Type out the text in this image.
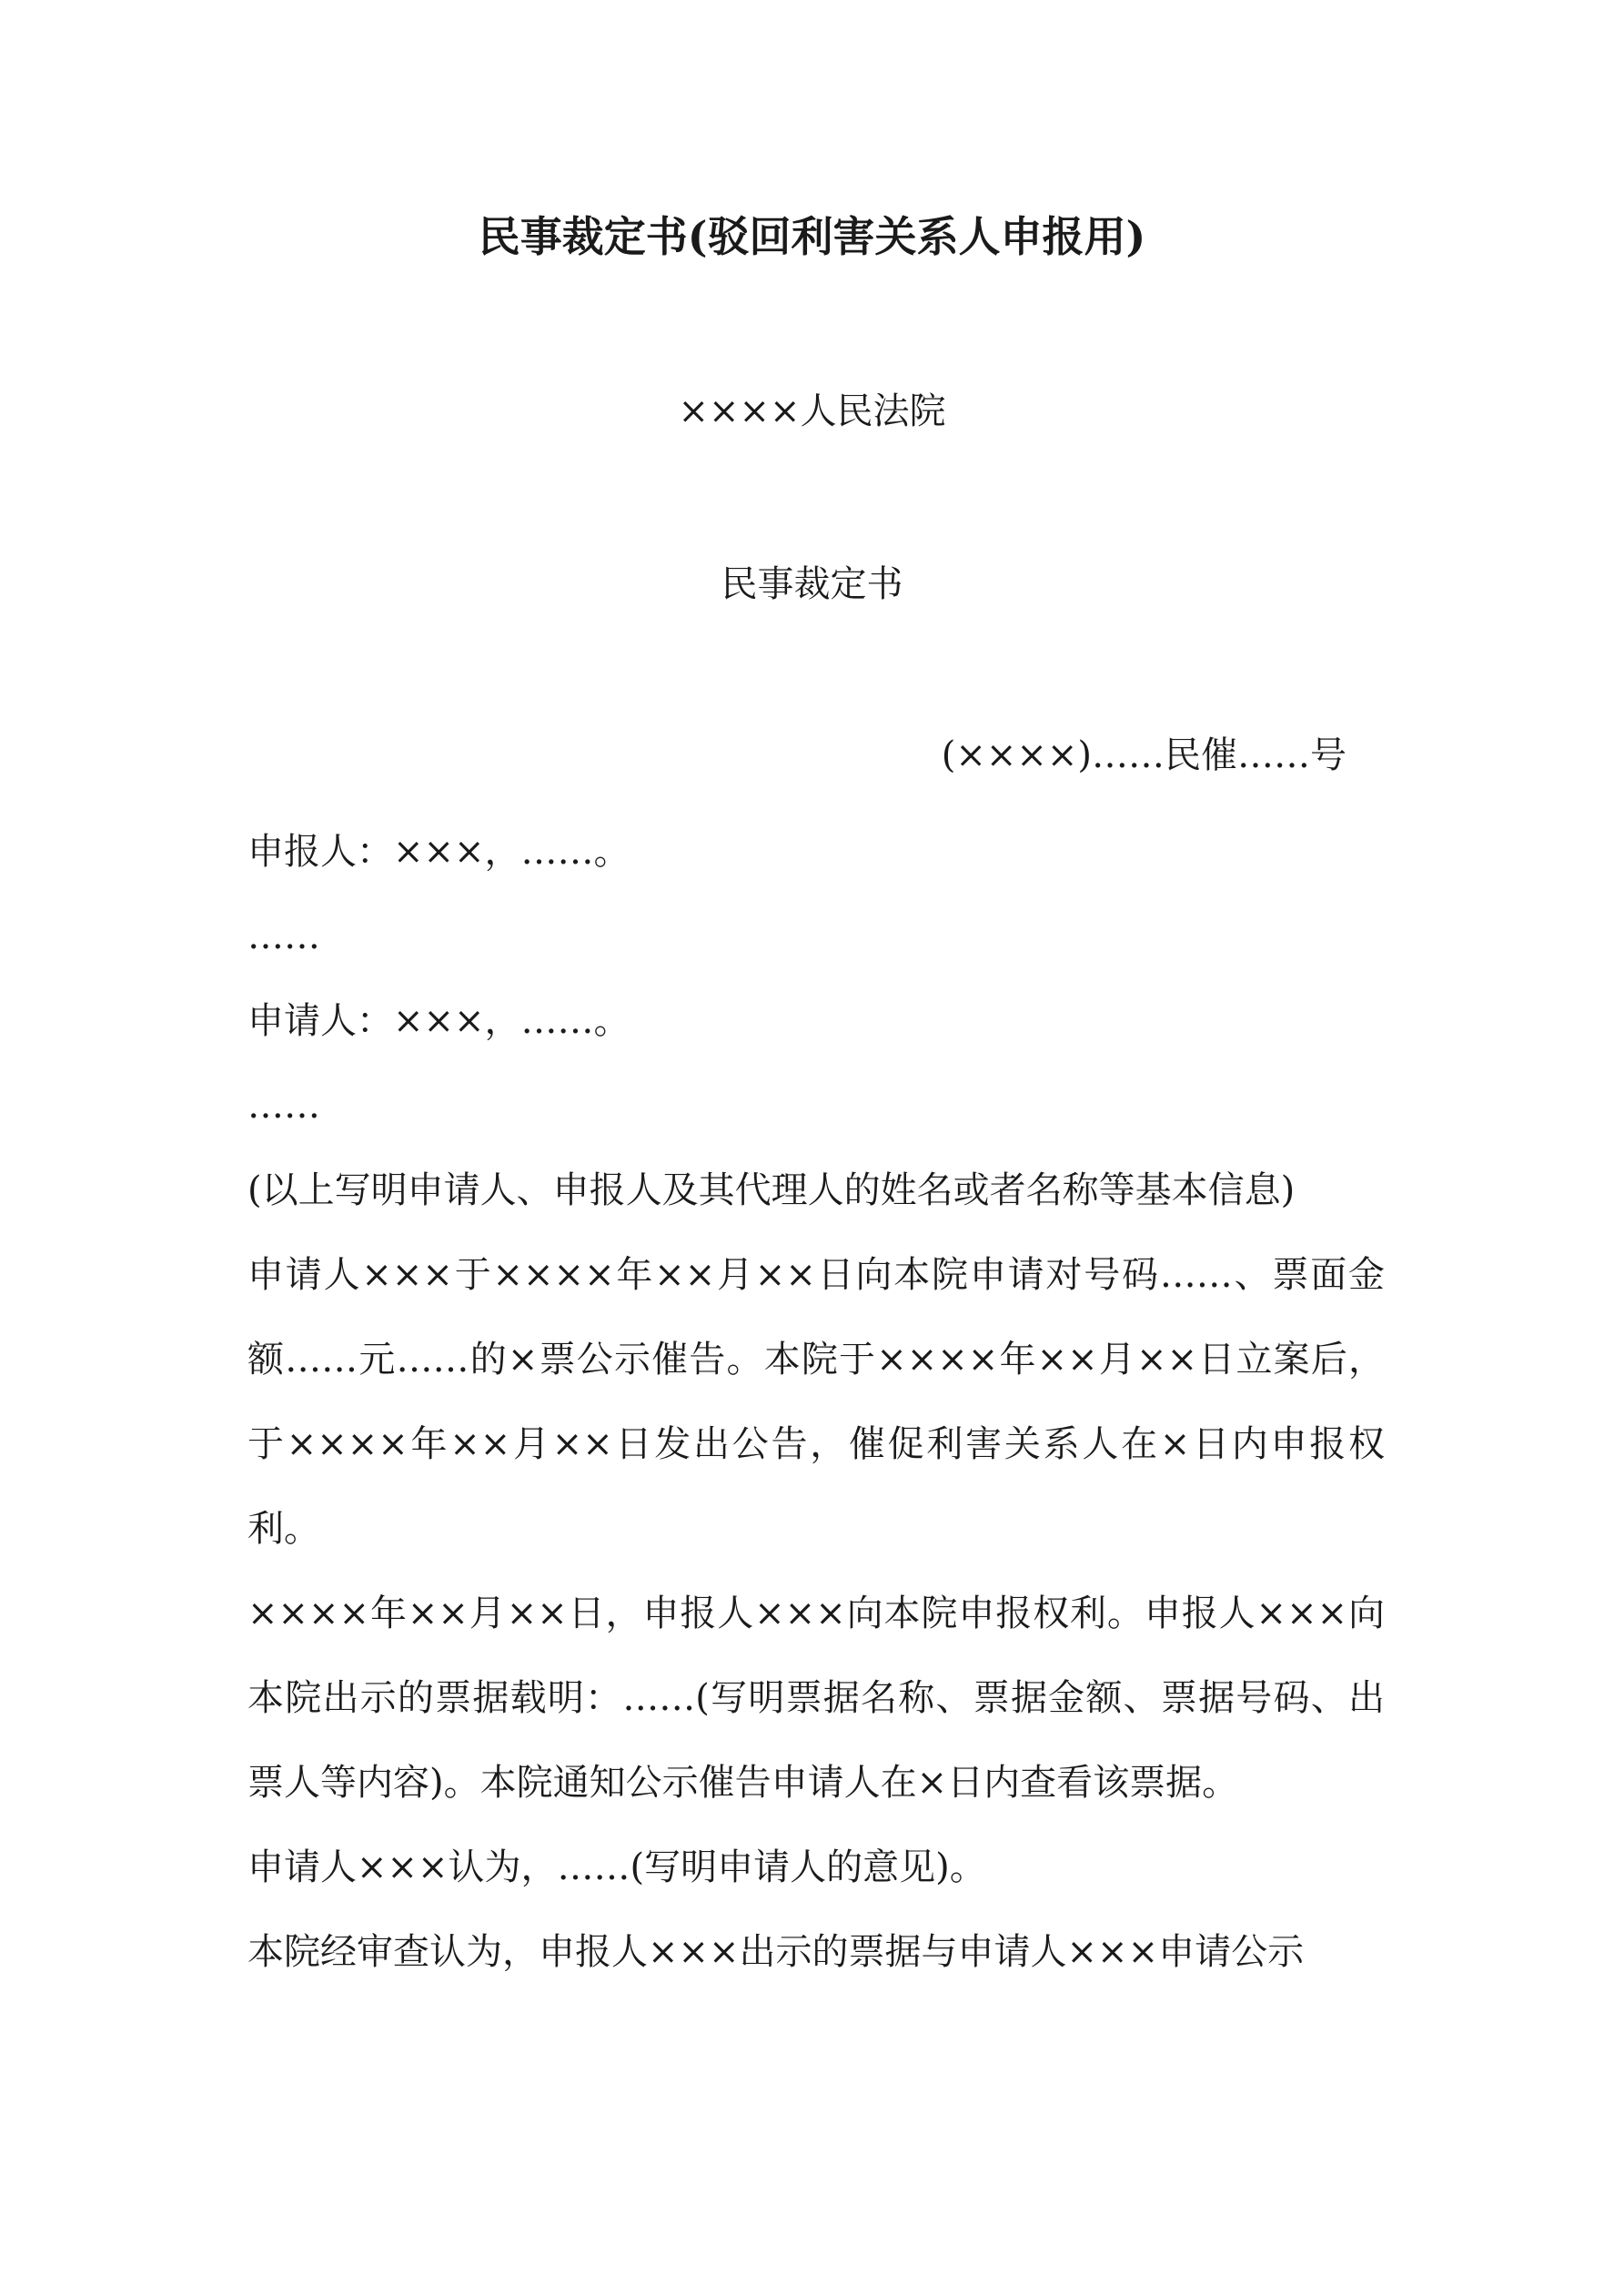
民事裁定书(驳回利害关系人申报用)
××××人民法院
民事裁定书
(××××)……民催……号

申报人：×××，……。

……

申请人：×××，……。

……

(以上写明申请人、申报人及其代理人的姓名或者名称等基本信息)

申请人×××于××××年××月××日向本院申请对号码……、票面金额……元……的×票公示催告。本院于××××年××月××日立案后，于××××年××月××日发出公告，催促利害关系人在×日内申报权利。

××××年××月××日，申报人×××向本院申报权利。申报人×××向本院出示的票据载明：……(写明票据名称、票据金额、票据号码、出票人等内容)。本院通知公示催告申请人在×日内查看该票据。

申请人×××认为，……(写明申请人的意见)。

本院经审查认为，申报人×××出示的票据与申请人×××申请公示
